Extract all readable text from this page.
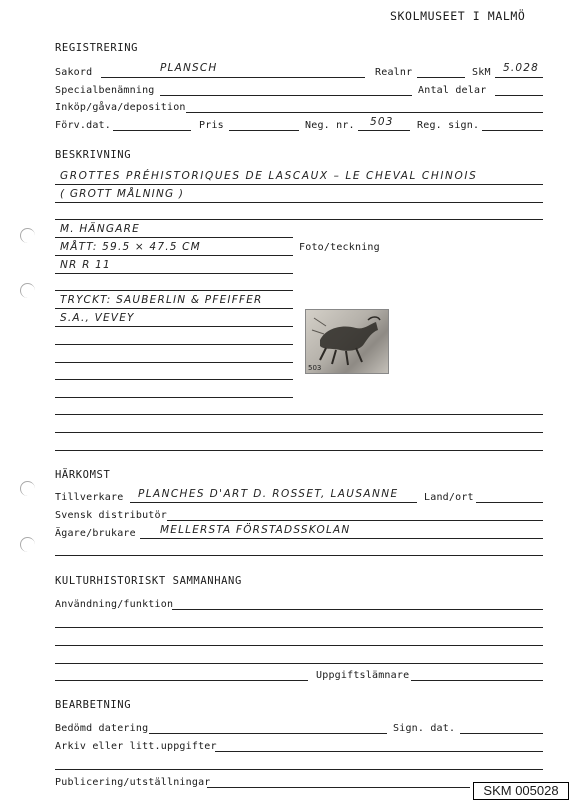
SKOLMUSEET I MALMÖ
REGISTRERING
Sakord	PLANSCH	Realnr	SkM 5.028
Specialbenämning	Antal delar
Inköp/gåva/deposition
Förv.dat.	Pris	Neg. nr. 503 Reg. sign.
BESKRIVNING
GROTTES PRÉHISTORIQUES DE LASCAUX – LE CHEVAL CHINOIS
( GROTT MÅLNING )
M. HÄNGARE
MÅTT: 59.5 × 47.5 CM	Foto/teckning
NR R 11
TRYCKT: SAUBERLIN & PFEIFFER
S.A., VEVEY
503
HÄRKOMST
Tillverkare PLANCHES D'ART D. ROSSET, LAUSANNE	Land/ort
Svensk distributör
Ägare/brukare MELLERSTA FÖRSTADSSKOLAN
KULTURHISTORISKT SAMMANHANG
Användning/funktion
Uppgiftslämnare
BEARBETNING
Bedömd datering	Sign. dat.
Arkiv eller litt.uppgifter
Publicering/utställningar
SKM 005028
